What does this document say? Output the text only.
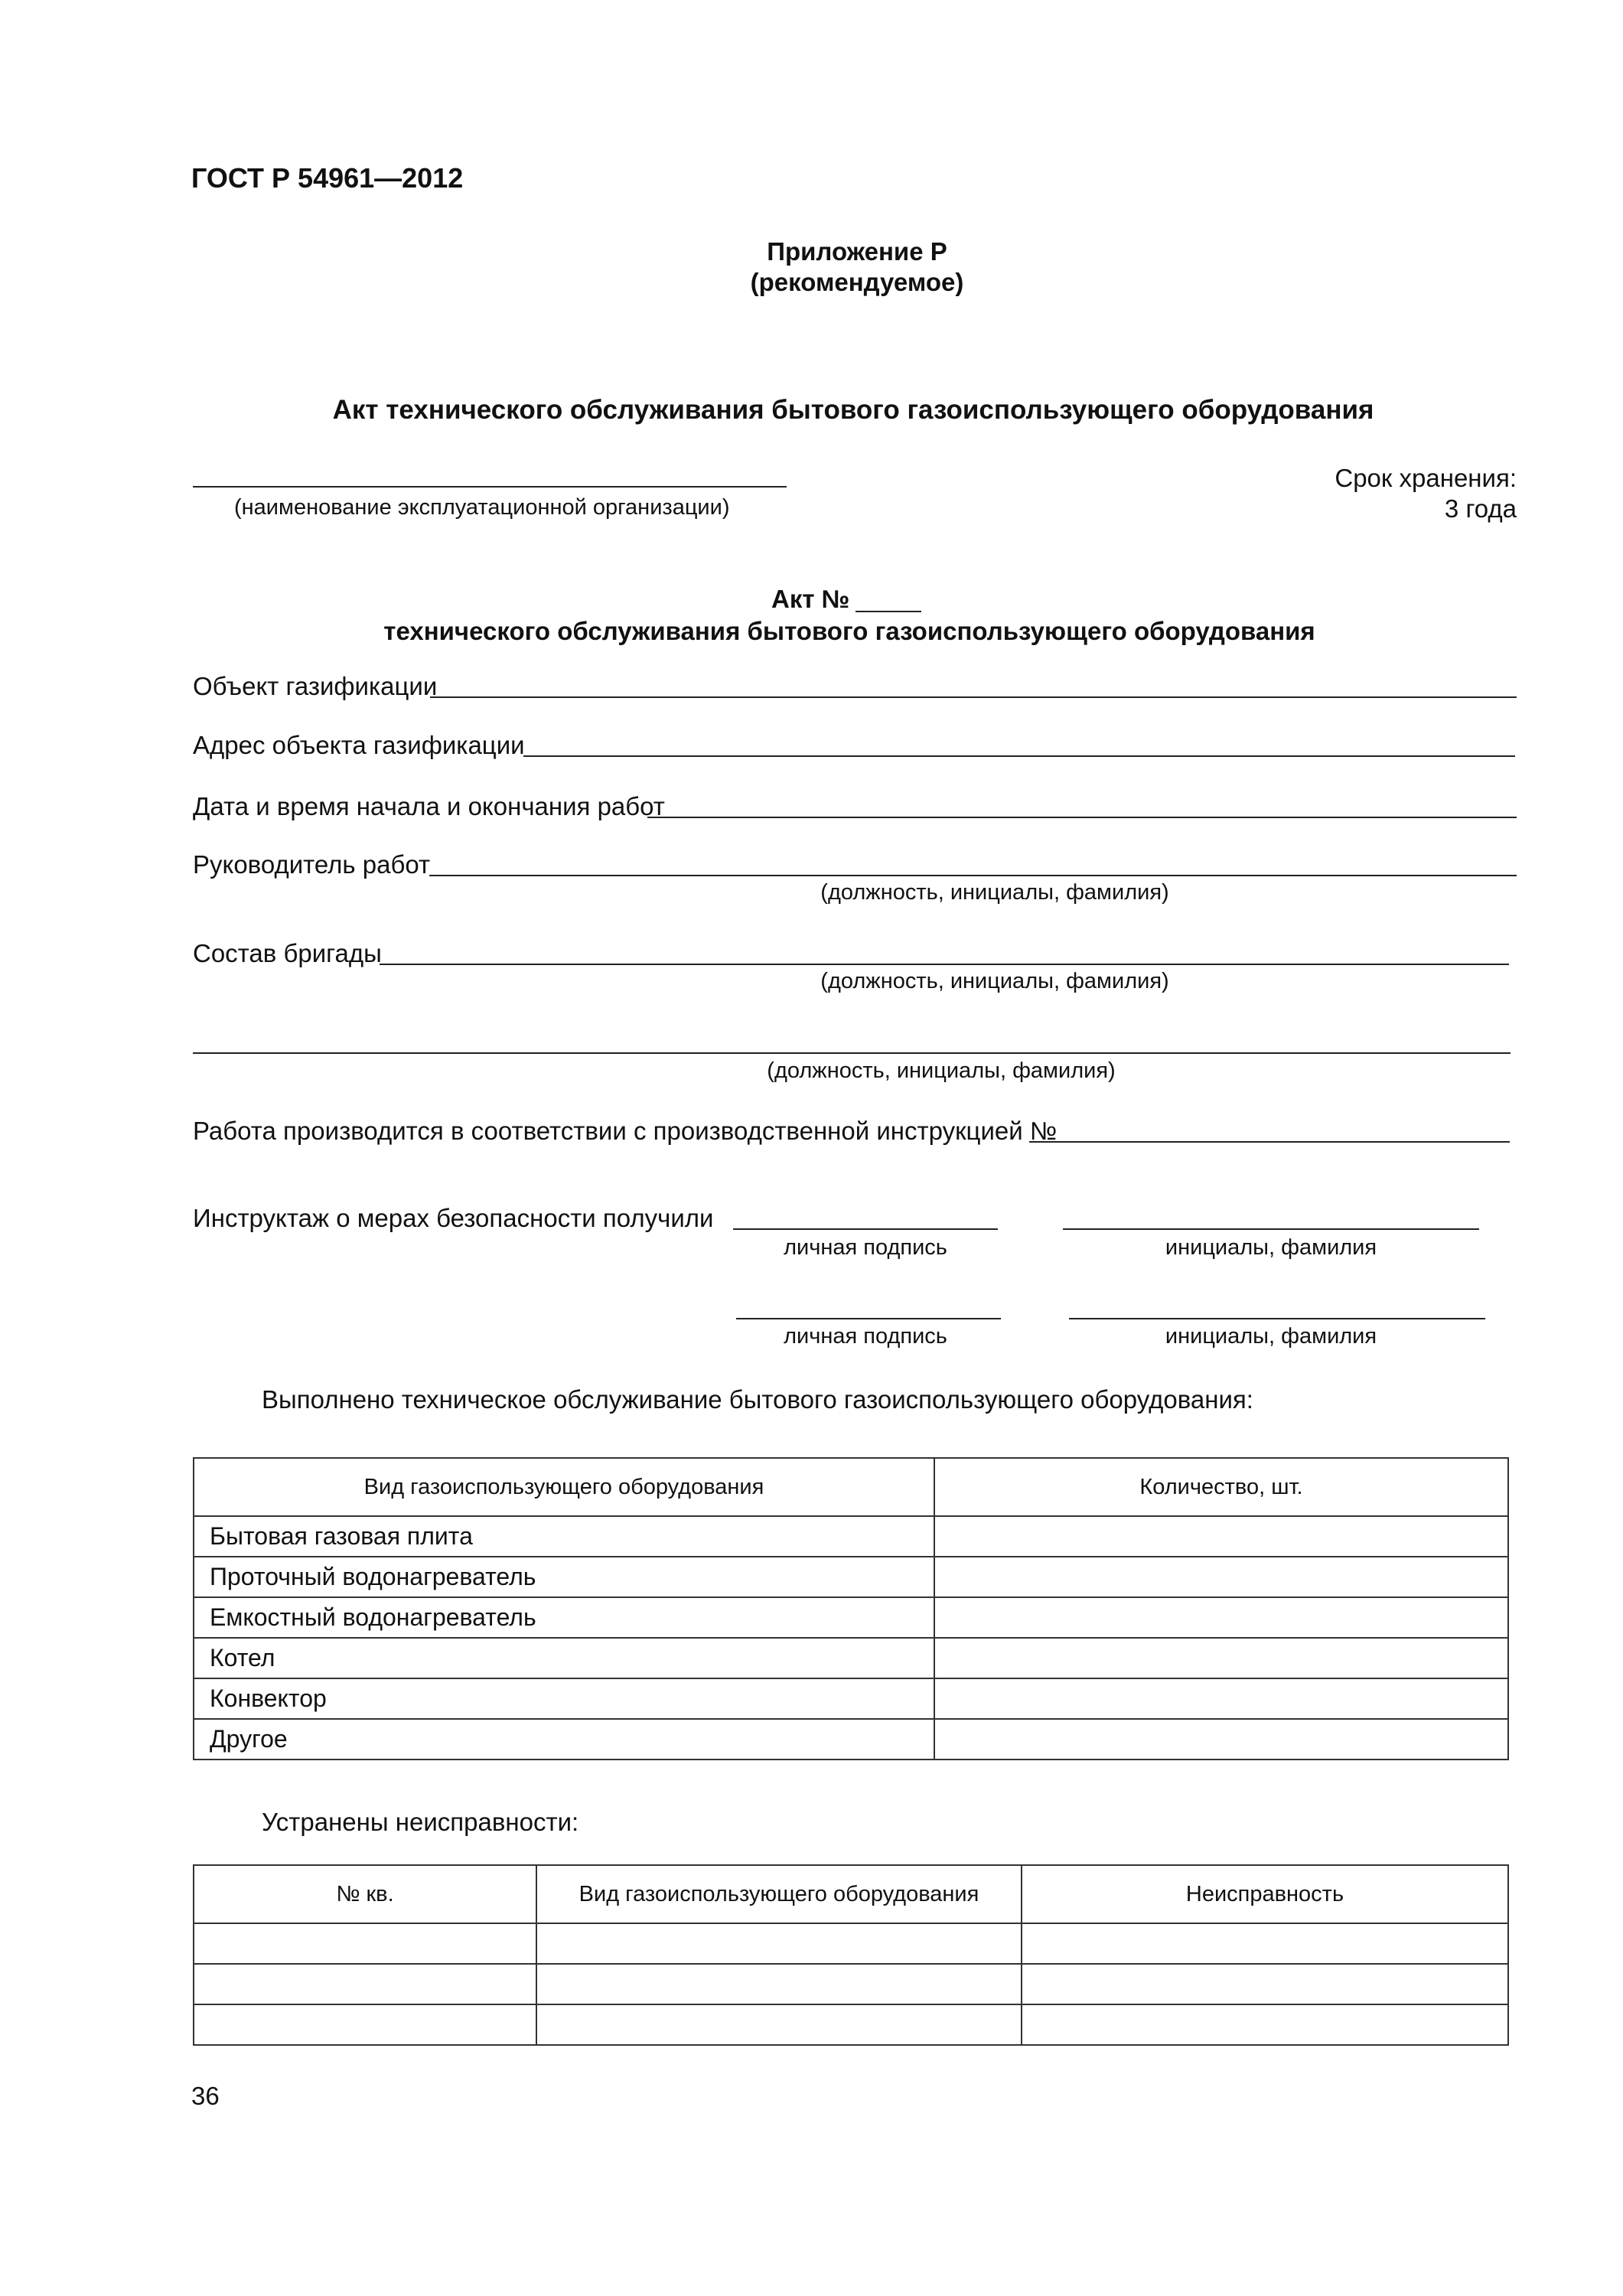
ГОСТ Р 54961—2012
Приложение Р
(рекомендуемое)
Акт технического обслуживания бытового газоиспользующего оборудования
(наименование эксплуатационной организации)
Срок хранения:
3 года
Акт №
технического обслуживания бытового газоиспользующего оборудования
Объект газификации
Адрес объекта газификации
Дата и время начала и окончания работ
Руководитель работ
(должность, инициалы, фамилия)
Состав бригады
(должность, инициалы, фамилия)
(должность, инициалы, фамилия)
Работа производится в соответствии с производственной инструкцией №
Инструктаж о мерах безопасности получили
личная подпись	инициалы, фамилия
личная подпись	инициалы, фамилия
Выполнено техническое обслуживание бытового газоиспользующего оборудования:
Вид газоиспользующего оборудования	Количество, шт.
Бытовая газовая плита	
Проточный водонагреватель	
Емкостный водонагреватель	
Котел	
Конвектор	
Другое	
Устранены неисправности:
№ кв.	Вид газоиспользующего оборудования	Неисправность

36
